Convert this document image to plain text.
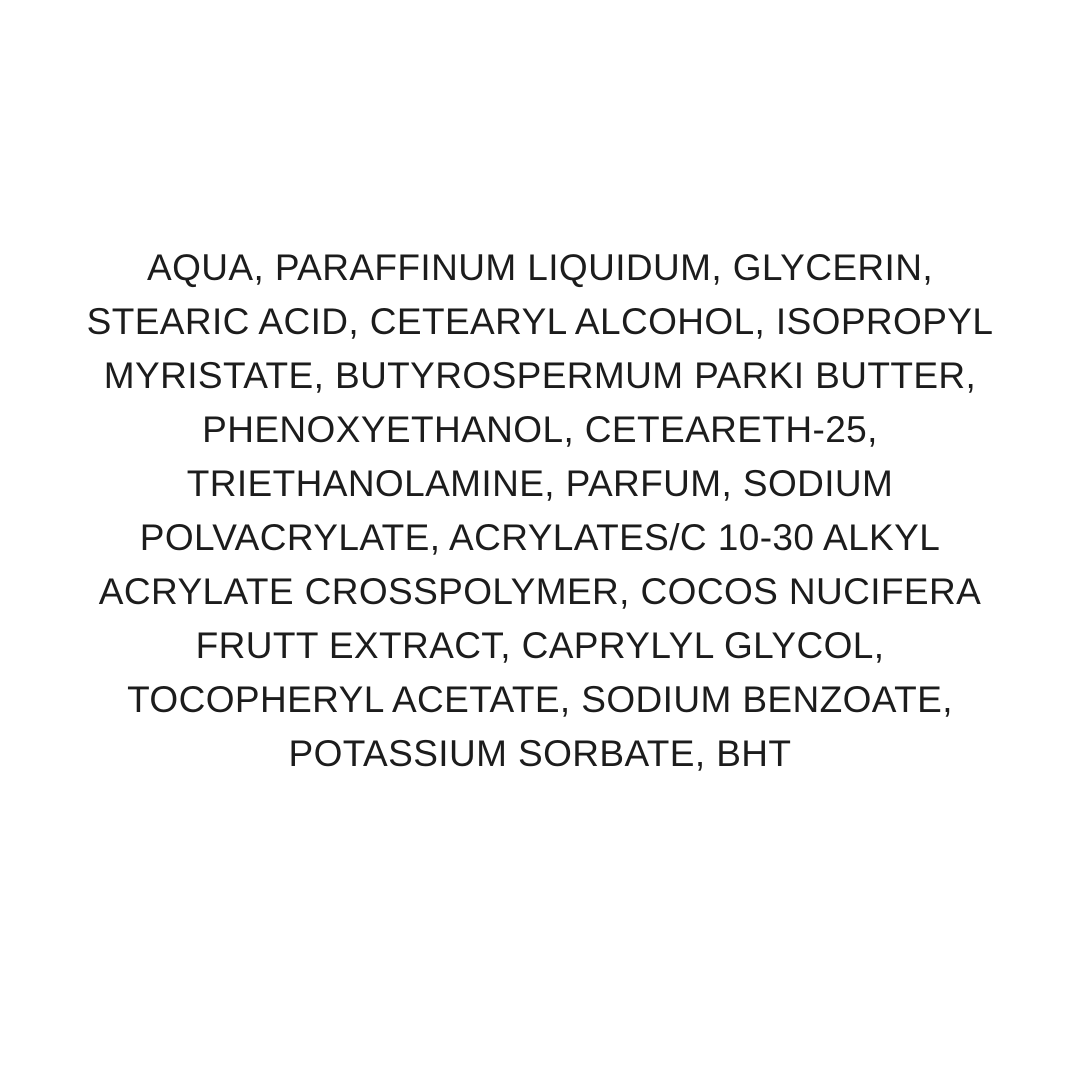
AQUA, PARAFFINUM LIQUIDUM, GLYCERIN,
STEARIC ACID, CETEARYL ALCOHOL, ISOPROPYL
MYRISTATE, BUTYROSPERMUM PARKI BUTTER,
PHENOXYETHANOL, CETEARETH-25,
TRIETHANOLAMINE, PARFUM, SODIUM
POLVACRYLATE, ACRYLATES/C 10-30 ALKYL
ACRYLATE CROSSPOLYMER, COCOS NUCIFERA
FRUTT EXTRACT, CAPRYLYL GLYCOL,
TOCOPHERYL ACETATE, SODIUM BENZOATE,
POTASSIUM SORBATE, BHT
